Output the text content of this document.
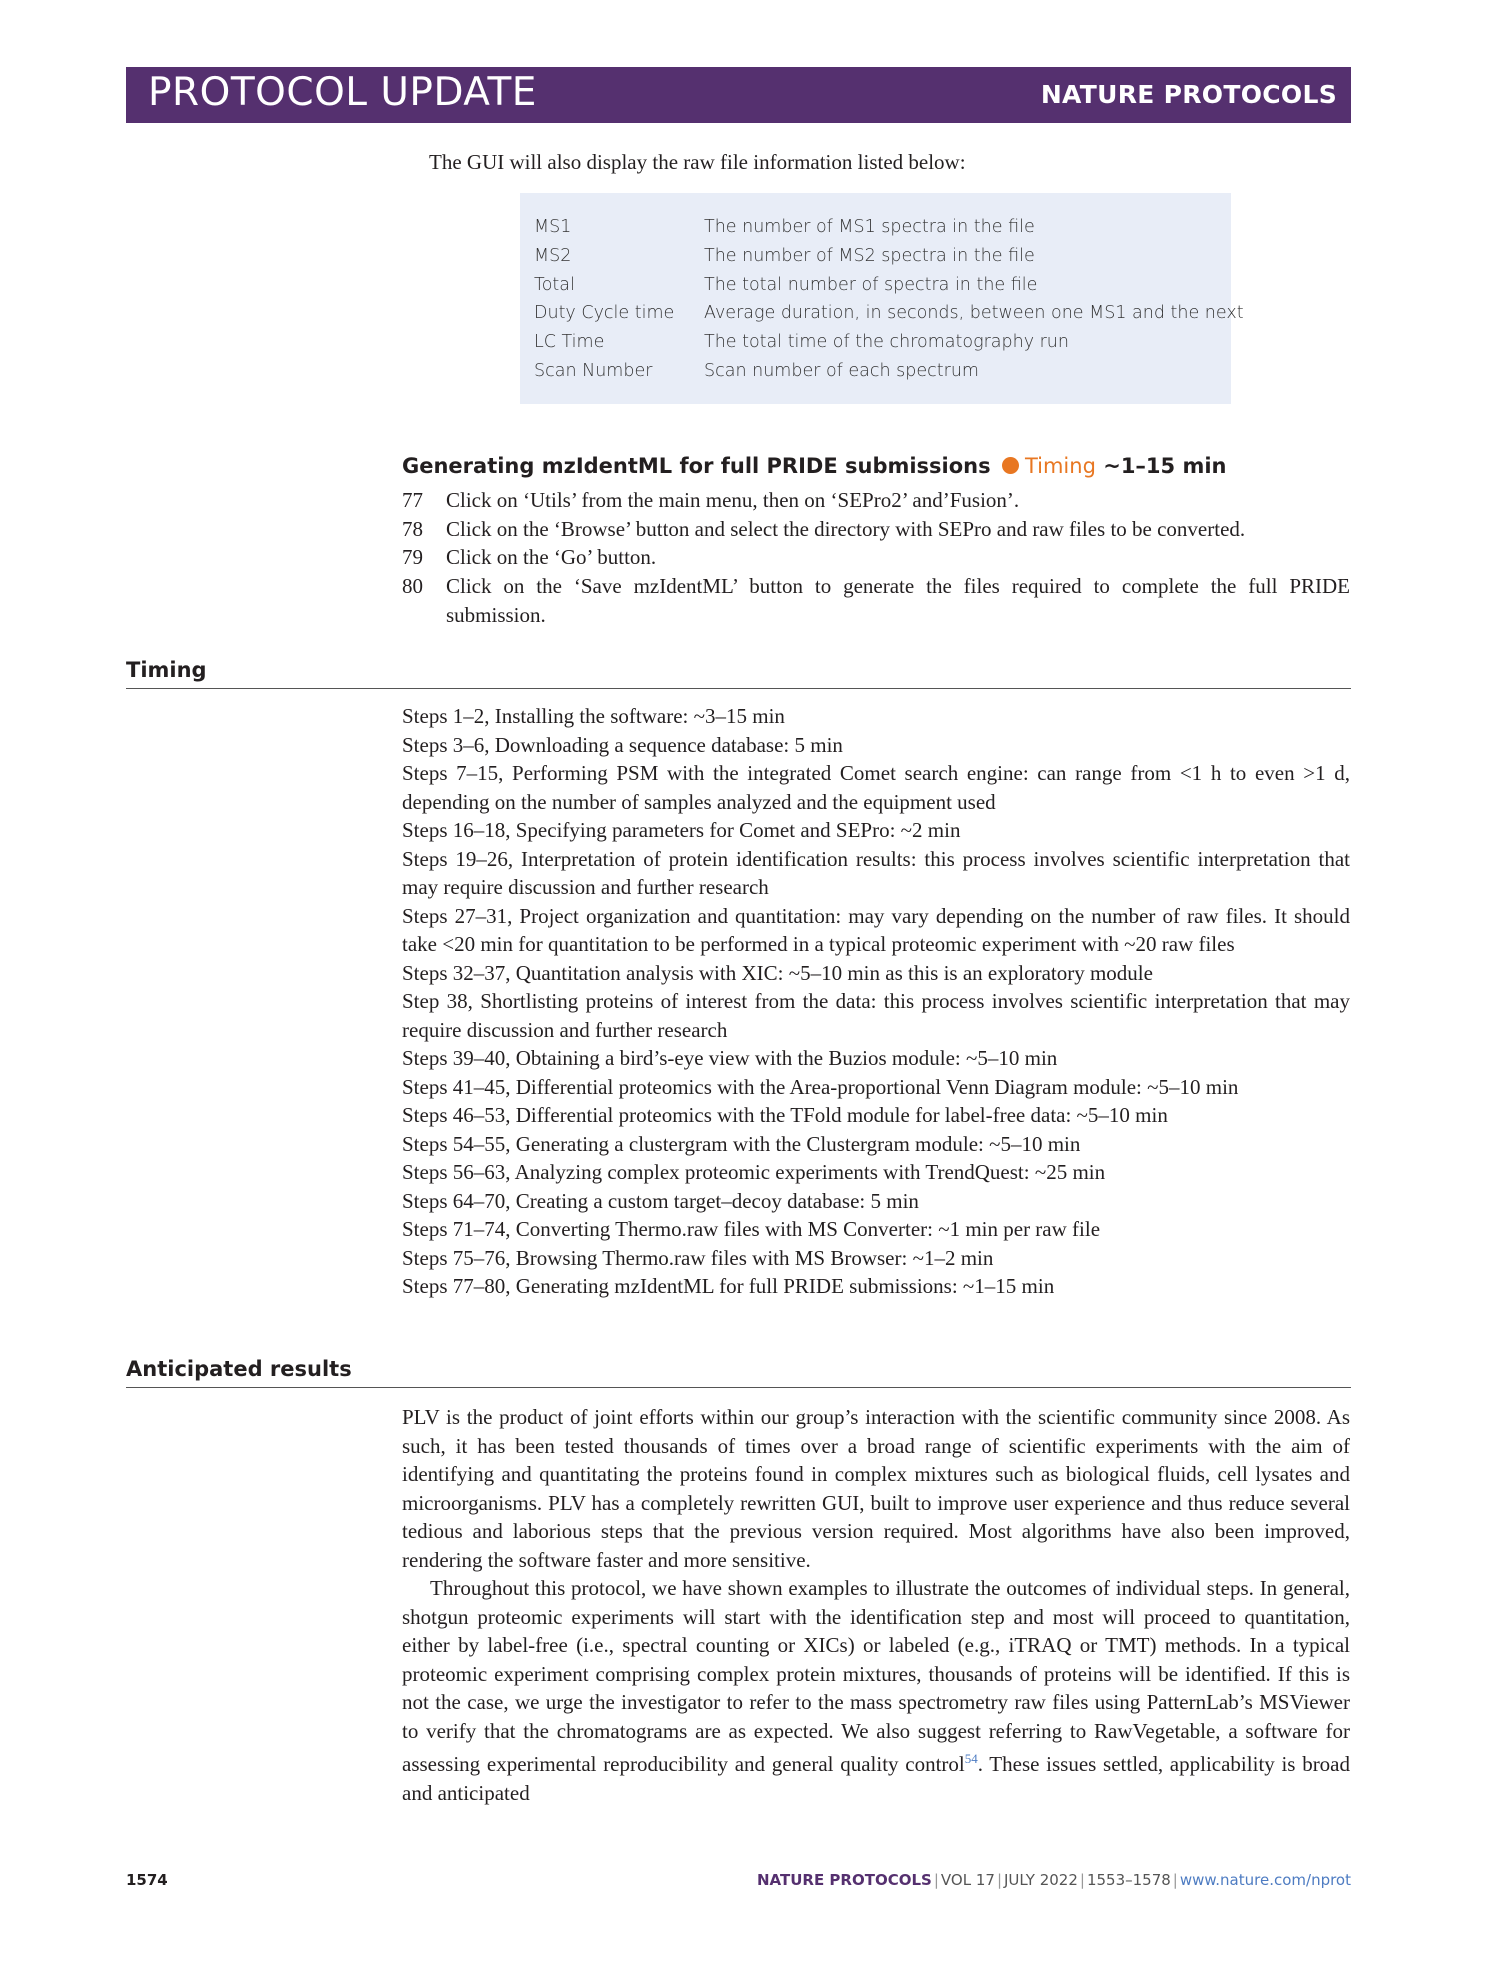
PROTOCOL UPDATE	NATURE PROTOCOLS
The GUI will also display the raw file information listed below:
MS1	The number of MS1 spectra in the file
MS2	The number of MS2 spectra in the file
Total	The total number of spectra in the file
Duty Cycle time	Average duration, in seconds, between one MS1 and the next
LC Time	The total time of the chromatography run
Scan Number	Scan number of each spectrum
Generating mzIdentML for full PRIDE submissions Timing ~1–15 min
77	Click on ‘Utils’ from the main menu, then on ‘SEPro2’ and’Fusion’.
78	Click on the ‘Browse’ button and select the directory with SEPro and raw files to be converted.
79	Click on the ‘Go’ button.
80	Click on the ‘Save mzIdentML’ button to generate the files required to complete the full PRIDE submission.
Timing

Steps 1–2, Installing the software: ~3–15 min

Steps 3–6, Downloading a sequence database: 5 min

Steps 7–15, Performing PSM with the integrated Comet search engine: can range from <1 h to even >1 d, depending on the number of samples analyzed and the equipment used

Steps 16–18, Specifying parameters for Comet and SEPro: ~2 min

Steps 19–26, Interpretation of protein identification results: this process involves scientific interpretation that may require discussion and further research

Steps 27–31, Project organization and quantitation: may vary depending on the number of raw files. It should take <20 min for quantitation to be performed in a typical proteomic experiment with ~20 raw files

Steps 32–37, Quantitation analysis with XIC: ~5–10 min as this is an exploratory module

Step 38, Shortlisting proteins of interest from the data: this process involves scientific interpretation that may require discussion and further research

Steps 39–40, Obtaining a bird’s-eye view with the Buzios module: ~5–10 min

Steps 41–45, Differential proteomics with the Area-proportional Venn Diagram module: ~5–10 min

Steps 46–53, Differential proteomics with the TFold module for label-free data: ~5–10 min

Steps 54–55, Generating a clustergram with the Clustergram module: ~5–10 min

Steps 56–63, Analyzing complex proteomic experiments with TrendQuest: ~25 min

Steps 64–70, Creating a custom target–decoy database: 5 min

Steps 71–74, Converting Thermo.raw files with MS Converter: ~1 min per raw file

Steps 75–76, Browsing Thermo.raw files with MS Browser: ~1–2 min

Steps 77–80, Generating mzIdentML for full PRIDE submissions: ~1–15 min

Anticipated results

PLV is the product of joint efforts within our group’s interaction with the scientific community since 2008. As such, it has been tested thousands of times over a broad range of scientific experiments with the aim of identifying and quantitating the proteins found in complex mixtures such as biological fluids, cell lysates and microorganisms. PLV has a completely rewritten GUI, built to improve user experience and thus reduce several tedious and laborious steps that the previous version required. Most algorithms have also been improved, rendering the software faster and more sensitive.

Throughout this protocol, we have shown examples to illustrate the outcomes of individual steps. In general, shotgun proteomic experiments will start with the identification step and most will proceed to quantitation, either by label-free (i.e., spectral counting or XICs) or labeled (e.g., iTRAQ or TMT) methods. In a typical proteomic experiment comprising complex protein mixtures, thousands of proteins will be identified. If this is not the case, we urge the investigator to refer to the mass spectrometry raw files using PatternLab’s MSViewer to verify that the chromatograms are as expected. We also suggest referring to RawVegetable, a software for assessing experimental reproducibility and general quality control$^{54}$. These issues settled, applicability is broad and anticipated

1574	NATURE PROTOCOLS | VOL 17 | JULY 2022 | 1553–1578 | www.nature.com/nprot
